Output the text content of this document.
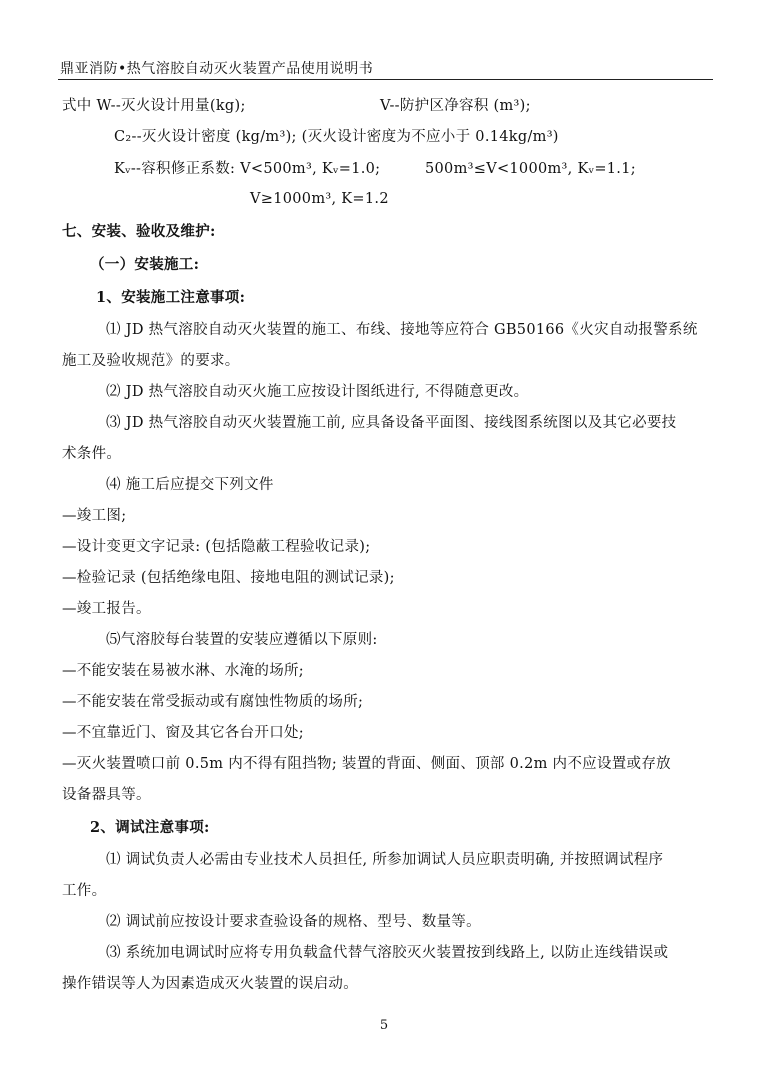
鼎亚消防•热气溶胶自动灭火装置产品使用说明书
式中 W--灭火设计用量(kg);	V--防护区净容积 (m³);
C₂--灭火设计密度 (kg/m³); (灭火设计密度为不应小于 0.14kg/m³)
Kᵥ--容积修正系数: V<500m³, Kᵥ=1.0;	500m³≤V<1000m³, Kᵥ=1.1;
V≥1000m³, K=1.2
七、安装、验收及维护:
（一）安装施工:
1、安装施工注意事项:
⑴ JD 热气溶胶自动灭火装置的施工、布线、接地等应符合 GB50166《火灾自动报警系统
施工及验收规范》的要求。
⑵ JD 热气溶胶自动灭火施工应按设计图纸进行, 不得随意更改。
⑶ JD 热气溶胶自动灭火装置施工前, 应具备设备平面图、接线图系统图以及其它必要技
术条件。
⑷ 施工后应提交下列文件
—竣工图;
—设计变更文字记录: (包括隐蔽工程验收记录);
—检验记录 (包括绝缘电阻、接地电阻的测试记录);
—竣工报告。
⑸气溶胶每台装置的安装应遵循以下原则:
—不能安装在易被水淋、水淹的场所;
—不能安装在常受振动或有腐蚀性物质的场所;
—不宜靠近门、窗及其它各台开口处;
—灭火装置喷口前 0.5m 内不得有阻挡物; 装置的背面、侧面、顶部 0.2m 内不应设置或存放
设备器具等。
2、调试注意事项:
⑴ 调试负责人必需由专业技术人员担任, 所参加调试人员应职责明确, 并按照调试程序
工作。
⑵ 调试前应按设计要求查验设备的规格、型号、数量等。
⑶ 系统加电调试时应将专用负载盒代替气溶胶灭火装置按到线路上, 以防止连线错误或
操作错误等人为因素造成灭火装置的误启动。
5
